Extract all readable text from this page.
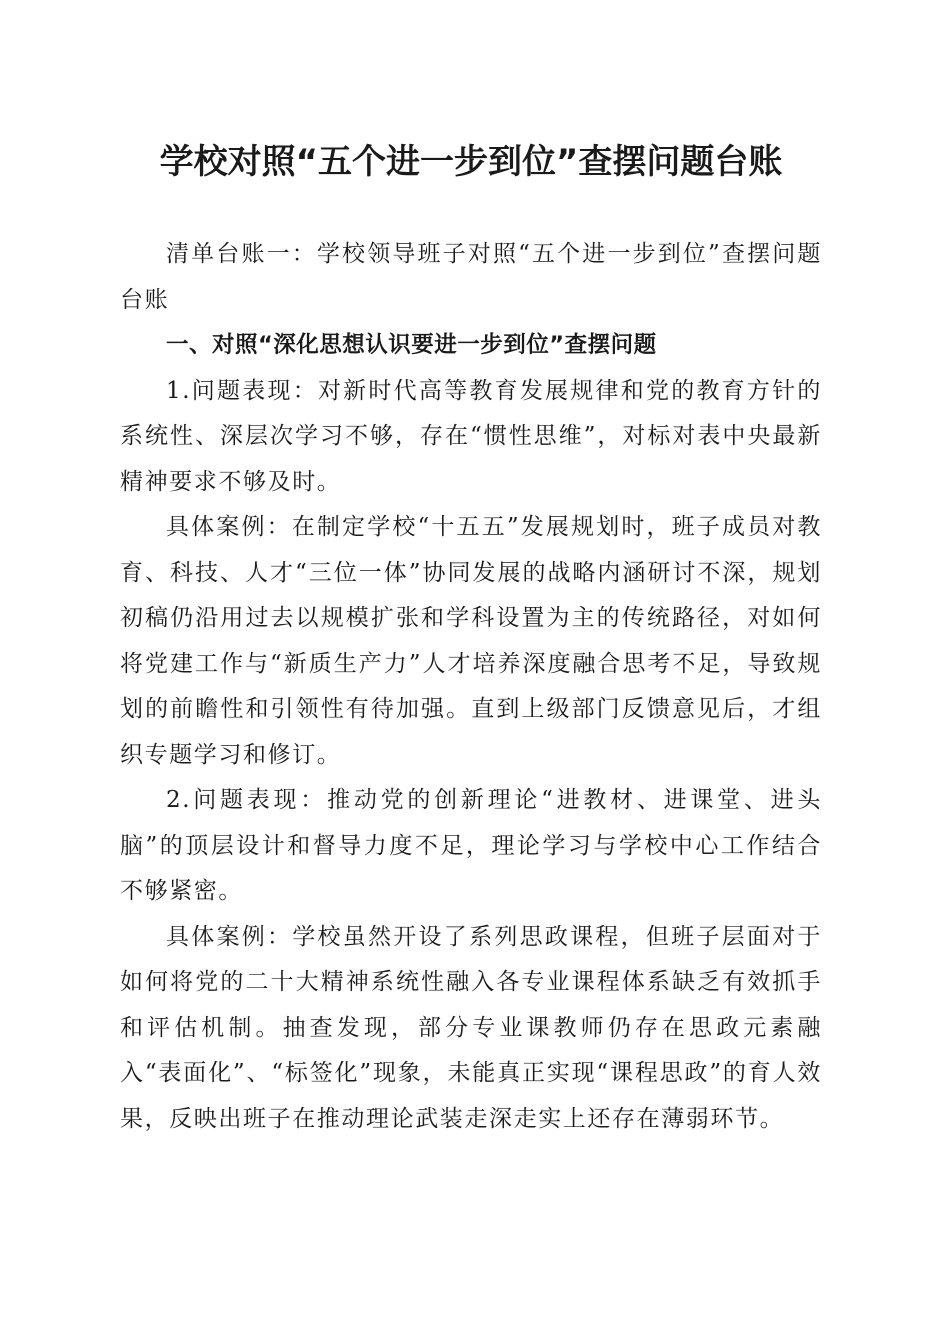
学校对照“五个进一步到位”查摆问题台账

清单台账一：学校领导班子对照“五个进一步到位”查摆问题台账

一、对照“深化思想认识要进一步到位”查摆问题

1.问题表现：对新时代高等教育发展规律和党的教育方针的系统性、深层次学习不够，存在“惯性思维”，对标对表中央最新精神要求不够及时。

具体案例：在制定学校“十五五”发展规划时，班子成员对教育、科技、人才“三位一体”协同发展的战略内涵研讨不深，规划初稿仍沿用过去以规模扩张和学科设置为主的传统路径，对如何将党建工作与“新质生产力”人才培养深度融合思考不足，导致规划的前瞻性和引领性有待加强。直到上级部门反馈意见后，才组织专题学习和修订。

2.问题表现：推动党的创新理论“进教材、进课堂、进头脑”的顶层设计和督导力度不足，理论学习与学校中心工作结合不够紧密。

具体案例：学校虽然开设了系列思政课程，但班子层面对于如何将党的二十大精神系统性融入各专业课程体系缺乏有效抓手和评估机制。抽查发现，部分专业课教师仍存在思政元素融入“表面化”、“标签化”现象，未能真正实现“课程思政”的育人效果，反映出班子在推动理论武装走深走实上还存在薄弱环节。
